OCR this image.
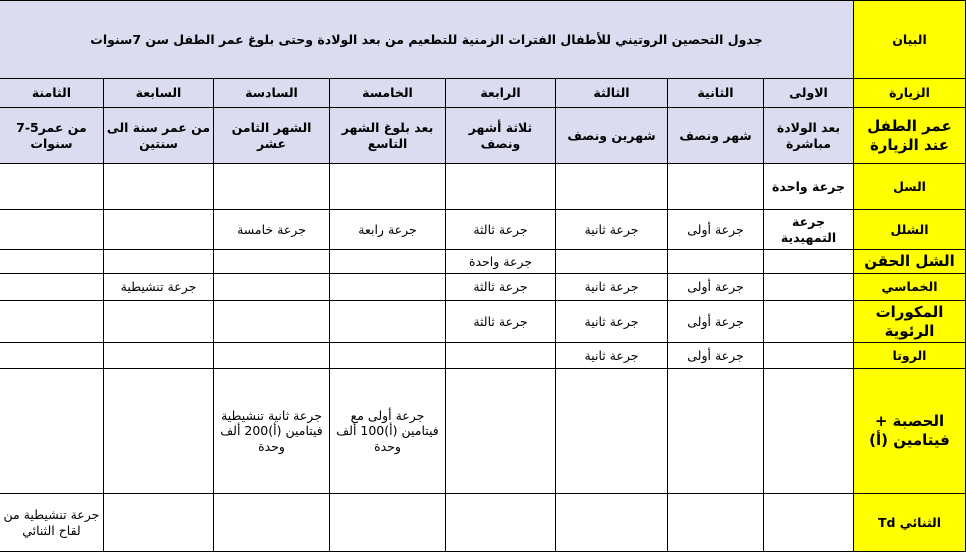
البيان	جدول التحصين الروتيني للأطفال الفترات الزمنية للتطعيم من بعد الولادة وحتى بلوغ عمر الطفل سن 7سنوات							
الزيارة	الاولى	الثانية	الثالثة	الرابعة	الخامسة	السادسة	السابعة	الثامنة
عمر الطفل عند الزيارة	بعد الولادة مباشرة	شهر ونصف	شهرين ونصف	ثلاثة أشهر ونصف	بعد بلوغ الشهر التاسع	الشهر الثامن عشر	من عمر سنة الى سنتين	من عمر5-7 سنوات
السل	جرعة واحدة							
الشلل	جرعة التمهيدية	جرعة أولى	جرعة ثانية	جرعة ثالثة	جرعة رابعة	جرعة خامسة		
الشل الحقن				جرعة واحدة				
الخماسي		جرعة أولى	جرعة ثانية	جرعة ثالثة			جرعة تنشيطية	
المكورات الرئوية		جرعة أولى	جرعة ثانية	جرعة ثالثة				
الروتا		جرعة أولى	جرعة ثانية					
الحصبة + فيتامين (أ)					جرعة أولى مع فيتامين (أ)100 ألف وحدة	جرعة ثانية تنشيطية فيتامين (أ)200 ألف وحدة		
الثنائي Td								جرعة تنشيطية من لقاح الثنائي
